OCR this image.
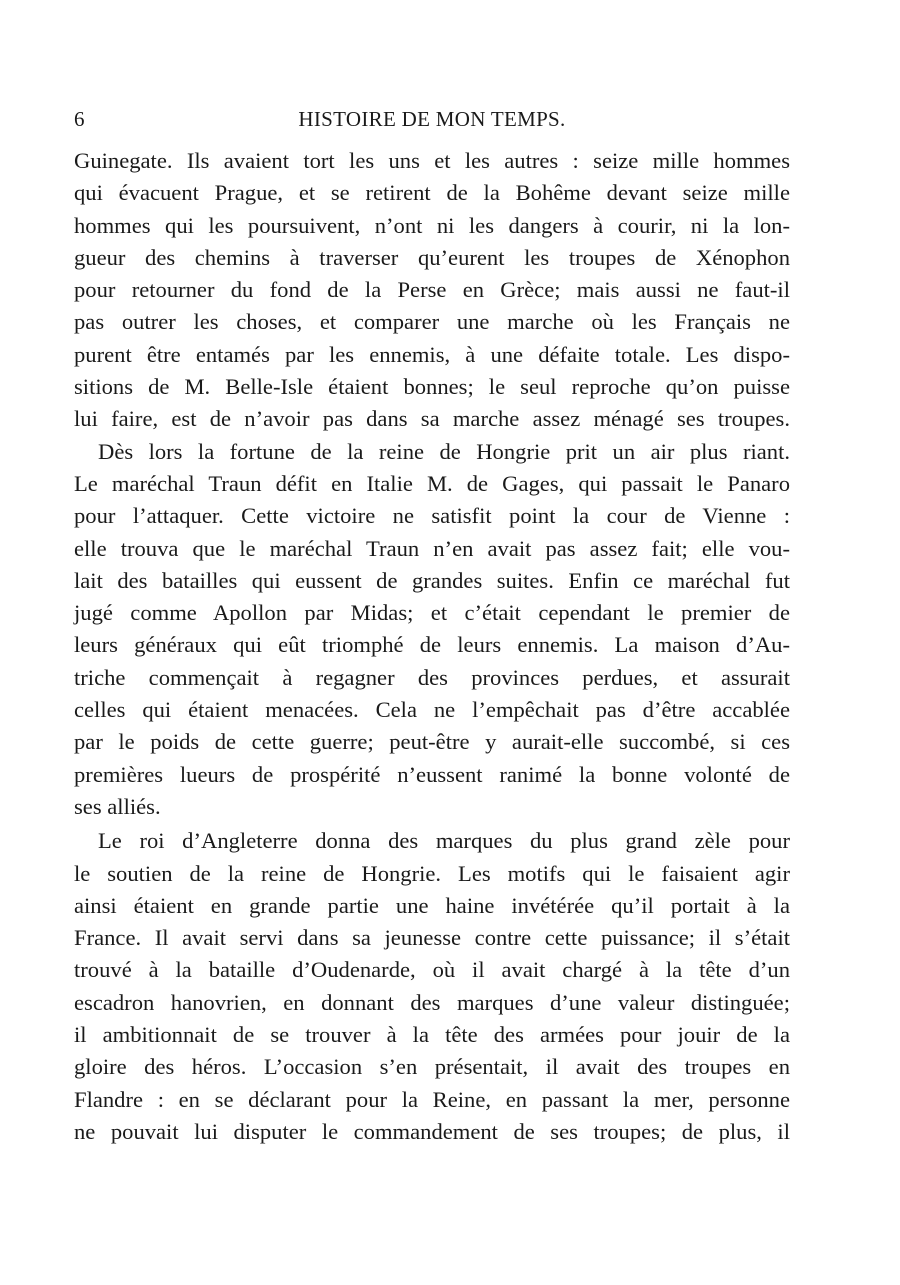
6	HISTOIRE DE MON TEMPS.
Guinegate. Ils avaient tort les uns et les autres : seize mille hommes
qui évacuent Prague, et se retirent de la Bohême devant seize mille
hommes qui les poursuivent, n’ont ni les dangers à courir, ni la lon-
gueur des chemins à traverser qu’eurent les troupes de Xénophon
pour retourner du fond de la Perse en Grèce; mais aussi ne faut-il
pas outrer les choses, et comparer une marche où les Français ne
purent être entamés par les ennemis, à une défaite totale. Les dispo-
sitions de M. Belle-Isle étaient bonnes; le seul reproche qu’on puisse
lui faire, est de n’avoir pas dans sa marche assez ménagé ses troupes.
Dès lors la fortune de la reine de Hongrie prit un air plus riant.
Le maréchal Traun défit en Italie M. de Gages, qui passait le Panaro
pour l’attaquer. Cette victoire ne satisfit point la cour de Vienne :
elle trouva que le maréchal Traun n’en avait pas assez fait; elle vou-
lait des batailles qui eussent de grandes suites. Enfin ce maréchal fut
jugé comme Apollon par Midas; et c’était cependant le premier de
leurs généraux qui eût triomphé de leurs ennemis. La maison d’Au-
triche commençait à regagner des provinces perdues, et assurait
celles qui étaient menacées. Cela ne l’empêchait pas d’être accablée
par le poids de cette guerre; peut-être y aurait-elle succombé, si ces
premières lueurs de prospérité n’eussent ranimé la bonne volonté de
ses alliés.
Le roi d’Angleterre donna des marques du plus grand zèle pour
le soutien de la reine de Hongrie. Les motifs qui le faisaient agir
ainsi étaient en grande partie une haine invétérée qu’il portait à la
France. Il avait servi dans sa jeunesse contre cette puissance; il s’était
trouvé à la bataille d’Oudenarde, où il avait chargé à la tête d’un
escadron hanovrien, en donnant des marques d’une valeur distinguée;
il ambitionnait de se trouver à la tête des armées pour jouir de la
gloire des héros. L’occasion s’en présentait, il avait des troupes en
Flandre : en se déclarant pour la Reine, en passant la mer, personne
ne pouvait lui disputer le commandement de ses troupes; de plus, il
